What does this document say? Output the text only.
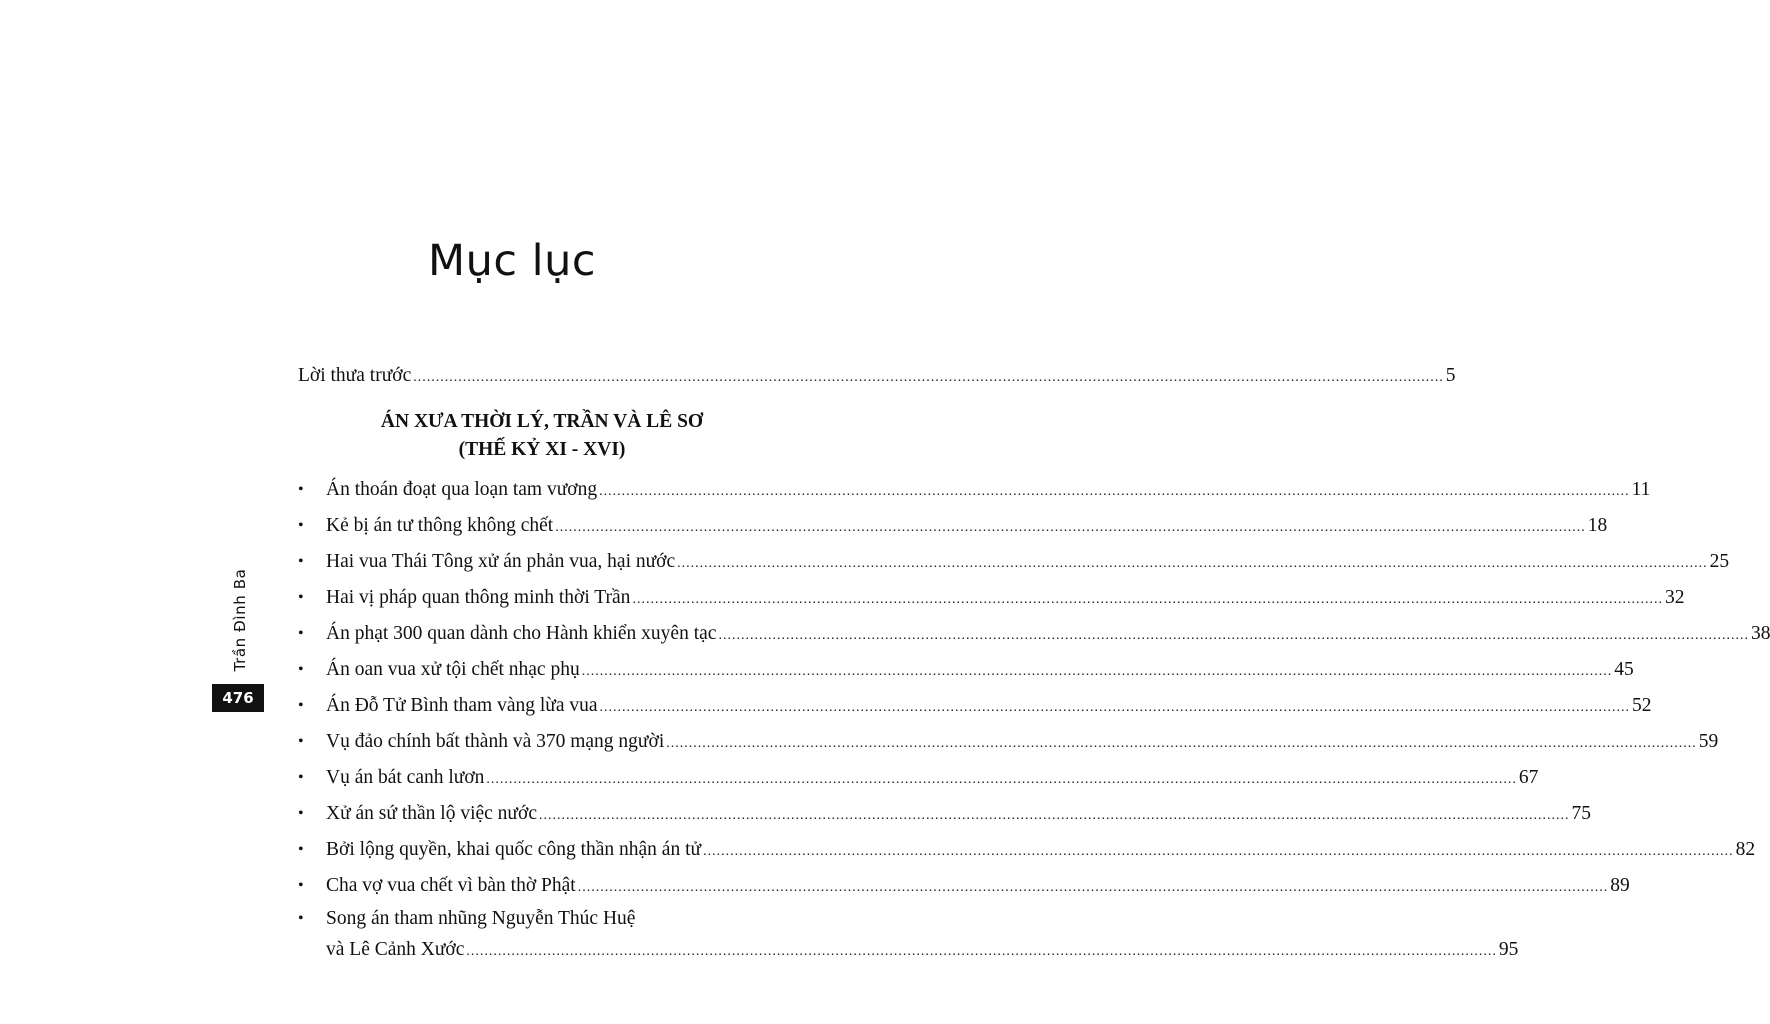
Mục lục
Trần Đình Ba
476
Lời thưa trước ..................................................................................................................................................................................................................................... 5
ÁN XƯA THỜI LÝ, TRẦN VÀ LÊ SƠ
(THẾ KỶ XI - XVI)
• Án thoán đoạt qua loạn tam vương ..................................................................................................................................................................................................................................... 11
• Kẻ bị án tư thông không chết ..................................................................................................................................................................................................................................... 18
• Hai vua Thái Tông xử án phản vua, hại nước ..................................................................................................................................................................................................................................... 25
• Hai vị pháp quan thông minh thời Trần ..................................................................................................................................................................................................................................... 32
• Án phạt 300 quan dành cho Hành khiển xuyên tạc ..................................................................................................................................................................................................................................... 38
• Án oan vua xử tội chết nhạc phụ ..................................................................................................................................................................................................................................... 45
• Án Đỗ Tử Bình tham vàng lừa vua ..................................................................................................................................................................................................................................... 52
• Vụ đảo chính bất thành và 370 mạng người ..................................................................................................................................................................................................................................... 59
• Vụ án bát canh lươn ..................................................................................................................................................................................................................................... 67
• Xử án sứ thần lộ việc nước ..................................................................................................................................................................................................................................... 75
• Bởi lộng quyền, khai quốc công thần nhận án tử ..................................................................................................................................................................................................................................... 82
• Cha vợ vua chết vì bàn thờ Phật ..................................................................................................................................................................................................................................... 89
• Song án tham nhũng Nguyễn Thúc Huệ
và Lê Cảnh Xước ..................................................................................................................................................................................................................................... 95
